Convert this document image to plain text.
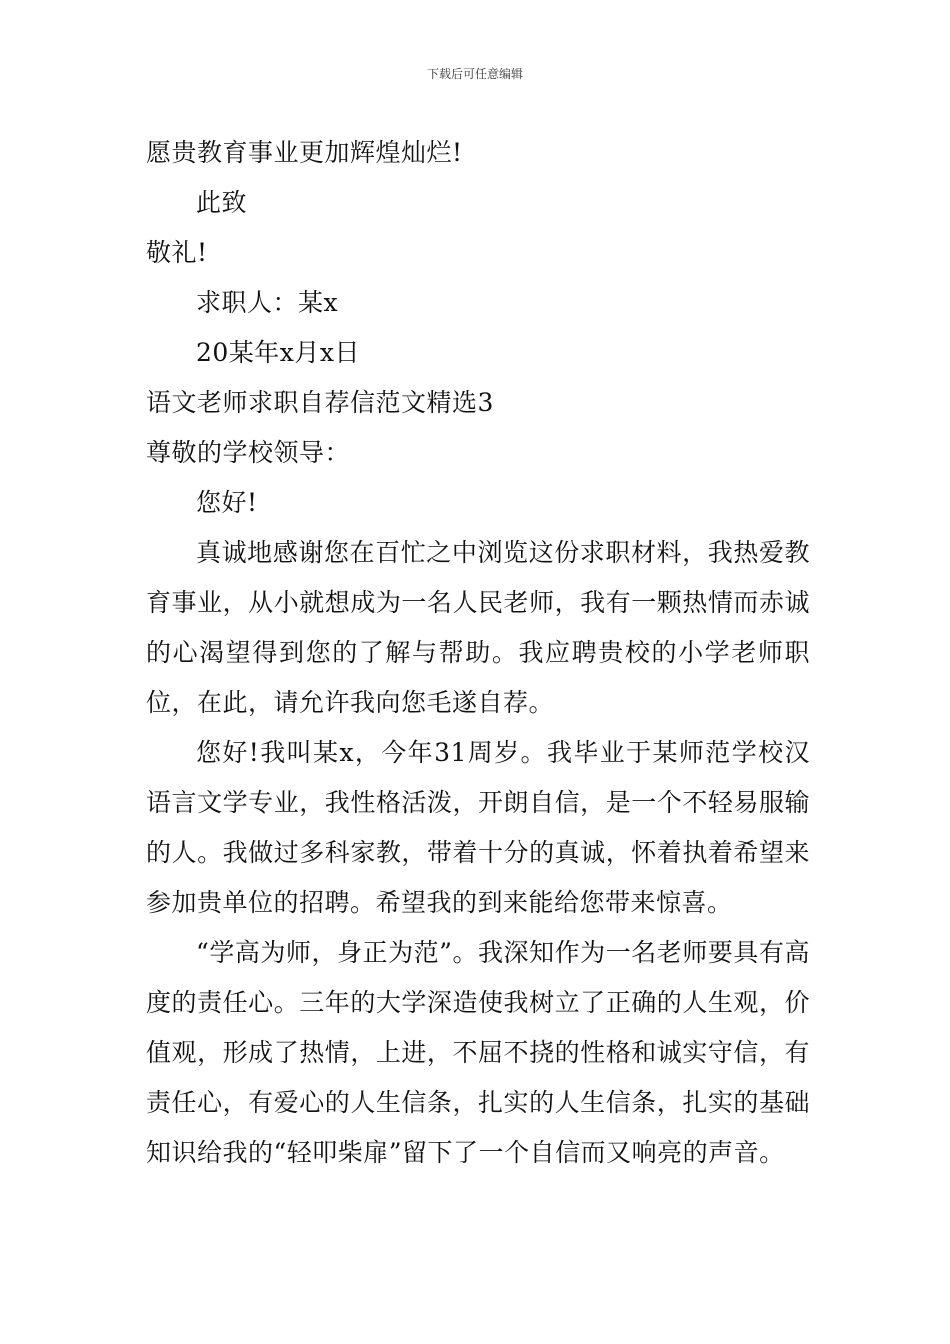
下载后可任意编辑
愿贵教育事业更加辉煌灿烂!
此致
敬礼!
求职人：某x
20某年x月x日
语文老师求职自荐信范文精选3
尊敬的学校领导：
您好!
真诚地感谢您在百忙之中浏览这份求职材料，我热爱教育事业，从小就想成为一名人民老师，我有一颗热情而赤诚的心渴望得到您的了解与帮助。我应聘贵校的小学老师职位，在此，请允许我向您毛遂自荐。
您好!我叫某x，今年31周岁。我毕业于某师范学校汉语言文学专业，我性格活泼，开朗自信，是一个不轻易服输的人。我做过多科家教，带着十分的真诚，怀着执着希望来参加贵单位的招聘。希望我的到来能给您带来惊喜。
“学高为师，身正为范”。我深知作为一名老师要具有高度的责任心。三年的大学深造使我树立了正确的人生观，价值观，形成了热情，上进，不屈不挠的性格和诚实守信，有责任心，有爱心的人生信条，扎实的人生信条，扎实的基础知识给我的“轻叩柴扉”留下了一个自信而又响亮的声音。
